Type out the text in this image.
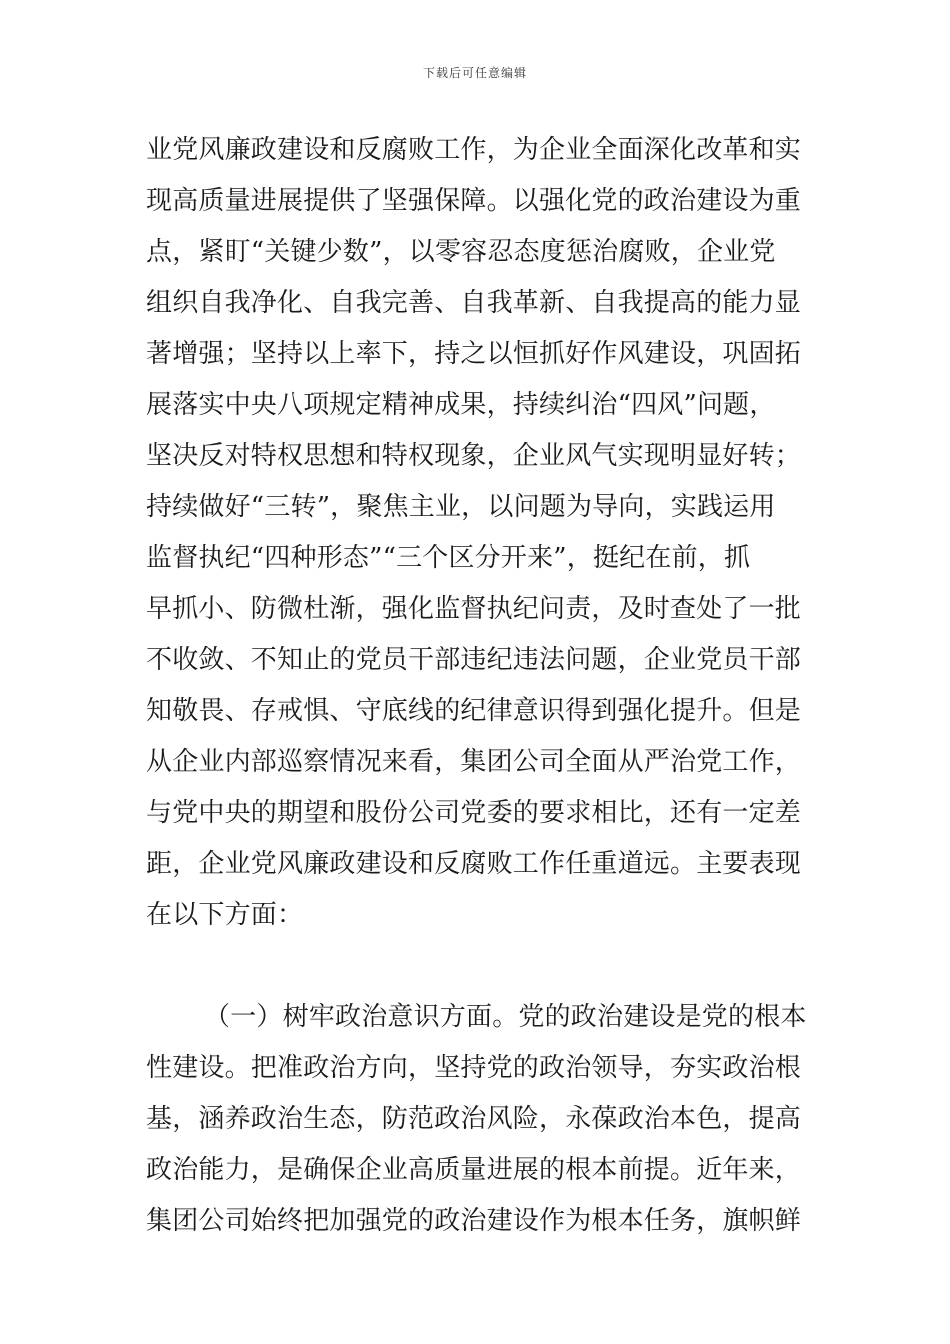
下载后可任意编辑
业党风廉政建设和反腐败工作，为企业全面深化改革和实
现高质量进展提供了坚强保障。以强化党的政治建设为重
点，紧盯“关键少数”，以零容忍态度惩治腐败，企业党
组织自我净化、自我完善、自我革新、自我提高的能力显
著增强；坚持以上率下，持之以恒抓好作风建设，巩固拓
展落实中央八项规定精神成果，持续纠治“四风”问题，
坚决反对特权思想和特权现象，企业风气实现明显好转；
持续做好“三转”，聚焦主业，以问题为导向，实践运用
监督执纪“四种形态”“三个区分开来”，挺纪在前，抓
早抓小、防微杜渐，强化监督执纪问责，及时查处了一批
不收敛、不知止的党员干部违纪违法问题，企业党员干部
知敬畏、存戒惧、守底线的纪律意识得到强化提升。但是
从企业内部巡察情况来看，集团公司全面从严治党工作，
与党中央的期望和股份公司党委的要求相比，还有一定差
距，企业党风廉政建设和反腐败工作任重道远。主要表现
在以下方面：
（一）树牢政治意识方面。党的政治建设是党的根本
性建设。把准政治方向，坚持党的政治领导，夯实政治根
基，涵养政治生态，防范政治风险，永葆政治本色，提高
政治能力，是确保企业高质量进展的根本前提。近年来，
集团公司始终把加强党的政治建设作为根本任务，旗帜鲜
